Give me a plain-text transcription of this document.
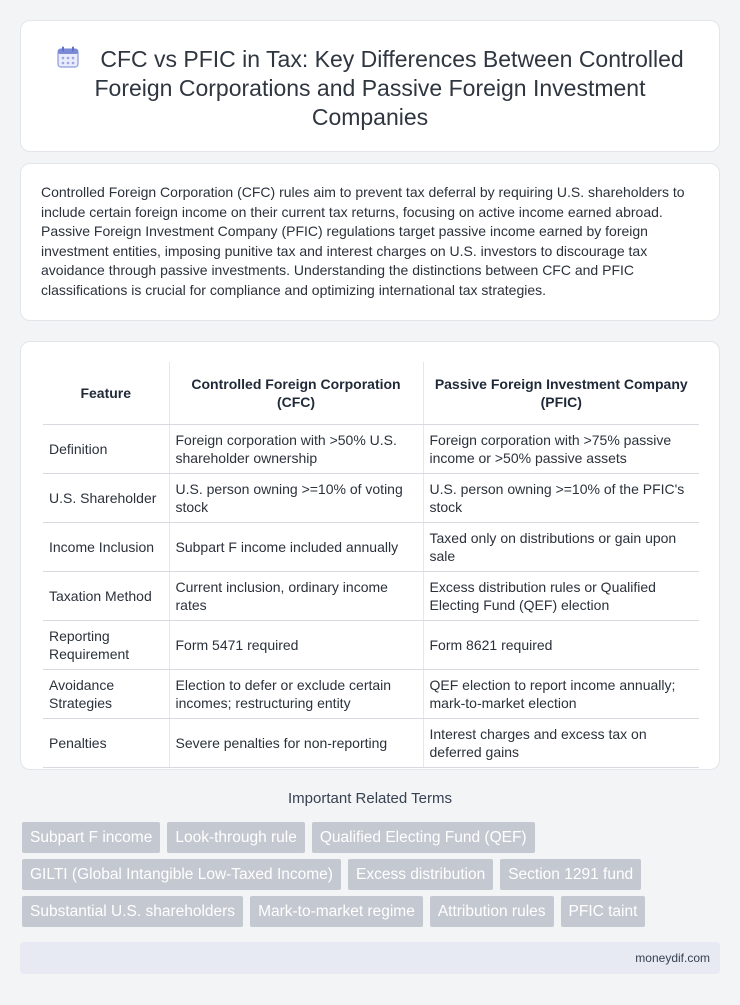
CFC vs PFIC in Tax: Key Differences Between Controlled Foreign Corporations and Passive Foreign Investment Companies

Controlled Foreign Corporation (CFC) rules aim to prevent tax deferral by requiring U.S. shareholders to include certain foreign income on their current tax returns, focusing on active income earned abroad. Passive Foreign Investment Company (PFIC) regulations target passive income earned by foreign investment entities, imposing punitive tax and interest charges on U.S. investors to discourage tax avoidance through passive investments. Understanding the distinctions between CFC and PFIC classifications is crucial for compliance and optimizing international tax strategies.

Feature	Controlled Foreign Corporation (CFC)	Passive Foreign Investment Company (PFIC)
Definition	Foreign corporation with >50% U.S. shareholder ownership	Foreign corporation with >75% passive income or >50% passive assets
U.S. Shareholder	U.S. person owning >=10% of voting stock	U.S. person owning >=10% of the PFIC's stock
Income Inclusion	Subpart F income included annually	Taxed only on distributions or gain upon sale
Taxation Method	Current inclusion, ordinary income rates	Excess distribution rules or Qualified Electing Fund (QEF) election
Reporting Requirement	Form 5471 required	Form 8621 required
Avoidance Strategies	Election to defer or exclude certain incomes; restructuring entity	QEF election to report income annually; mark-to-market election
Penalties	Severe penalties for non-reporting	Interest charges and excess tax on deferred gains
Important Related Terms
Subpart F income	Look-through rule	Qualified Electing Fund (QEF)
GILTI (Global Intangible Low-Taxed Income)	Excess distribution	Section 1291 fund
Substantial U.S. shareholders	Mark-to-market regime	Attribution rules	PFIC taint
moneydif.com
